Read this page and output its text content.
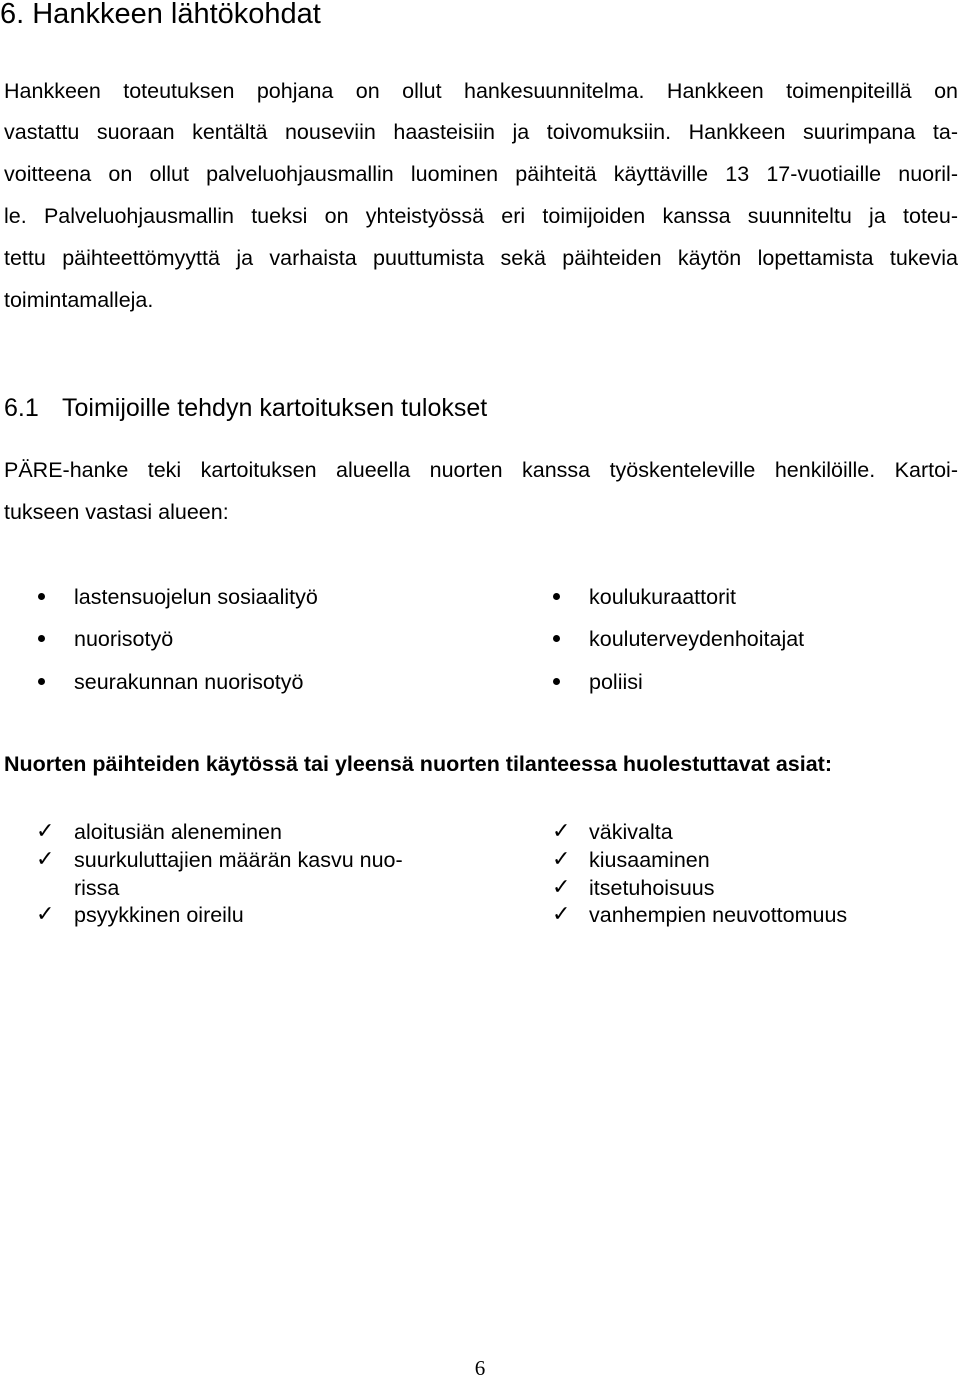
6. Hankkeen lähtökohdat
Hankkeen toteutuksen pohjana on ollut hankesuunnitelma. Hankkeen toimenpiteillä on
vastattu suoraan kentältä nouseviin haasteisiin ja toivomuksiin. Hankkeen suurimpana ta-
voitteena on ollut palveluohjausmallin luominen päihteitä käyttäville 13 17-vuotiaille nuoril-
le. Palveluohjausmallin tueksi on yhteistyössä eri toimijoiden kanssa suunniteltu ja toteu-
tettu päihteettömyyttä ja varhaista puuttumista sekä päihteiden käytön lopettamista tukevia
toimintamalleja.
6.1 Toimijoille tehdyn kartoituksen tulokset
PÄRE-hanke teki kartoituksen alueella nuorten kanssa työskenteleville henkilöille. Kartoi-
tukseen vastasi alueen:
lastensuojelun sosiaalityö
nuorisotyö
seurakunnan nuorisotyö
koulukuraattorit
kouluterveydenhoitajat
poliisi
Nuorten päihteiden käytössä tai yleensä nuorten tilanteessa huolestuttavat asiat:
✓ aloitusiän aleneminen
✓ suurkuluttajien määrän kasvu nuo-
rissa
✓ psyykkinen oireilu
✓ väkivalta
✓ kiusaaminen
✓ itsetuhoisuus
✓ vanhempien neuvottomuus
6
